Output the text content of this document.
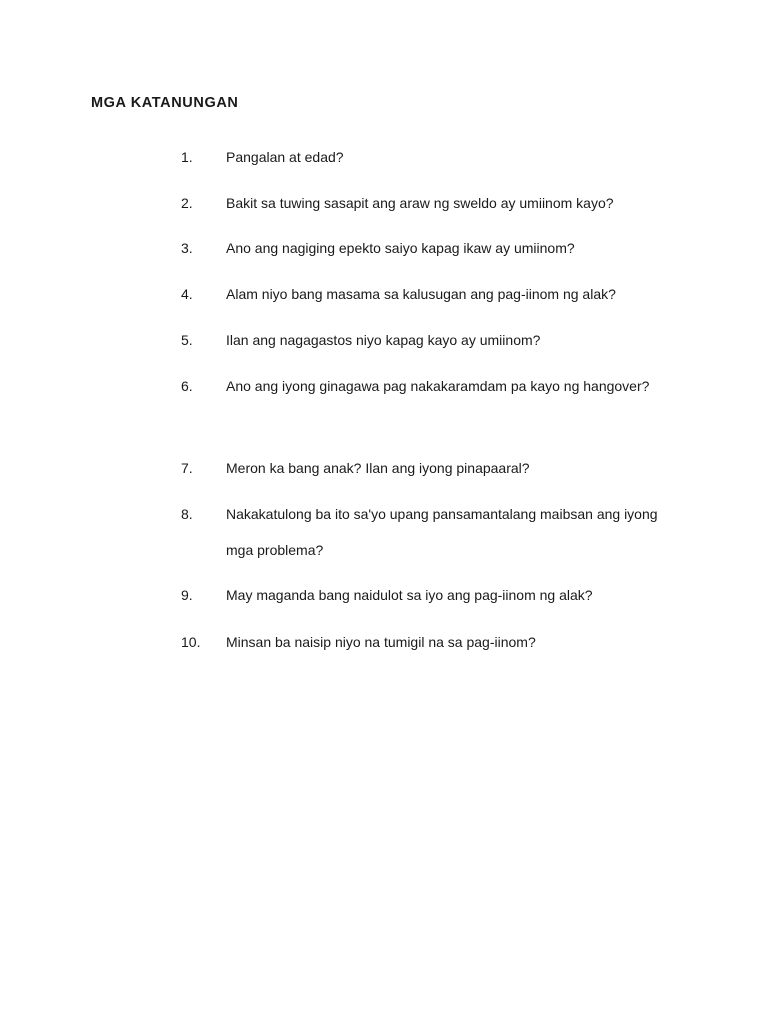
MGA KATANUNGAN
1. Pangalan at edad?
2. Bakit sa tuwing sasapit ang araw ng sweldo ay umiinom kayo?
3. Ano ang nagiging epekto saiyo kapag ikaw ay umiinom?
4. Alam niyo bang masama sa kalusugan ang pag-iinom ng alak?
5. Ilan ang nagagastos niyo kapag kayo ay umiinom?
6. Ano ang iyong ginagawa pag nakakaramdam pa kayo ng hangover?
7. Meron ka bang anak? Ilan ang iyong pinapaaral?
8. Nakakatulong ba ito sa'yo upang pansamantalang maibsan ang iyong mga problema?
9. May maganda bang naidulot sa iyo ang pag-iinom ng alak?
10. Minsan ba naisip niyo na tumigil na sa pag-iinom?
